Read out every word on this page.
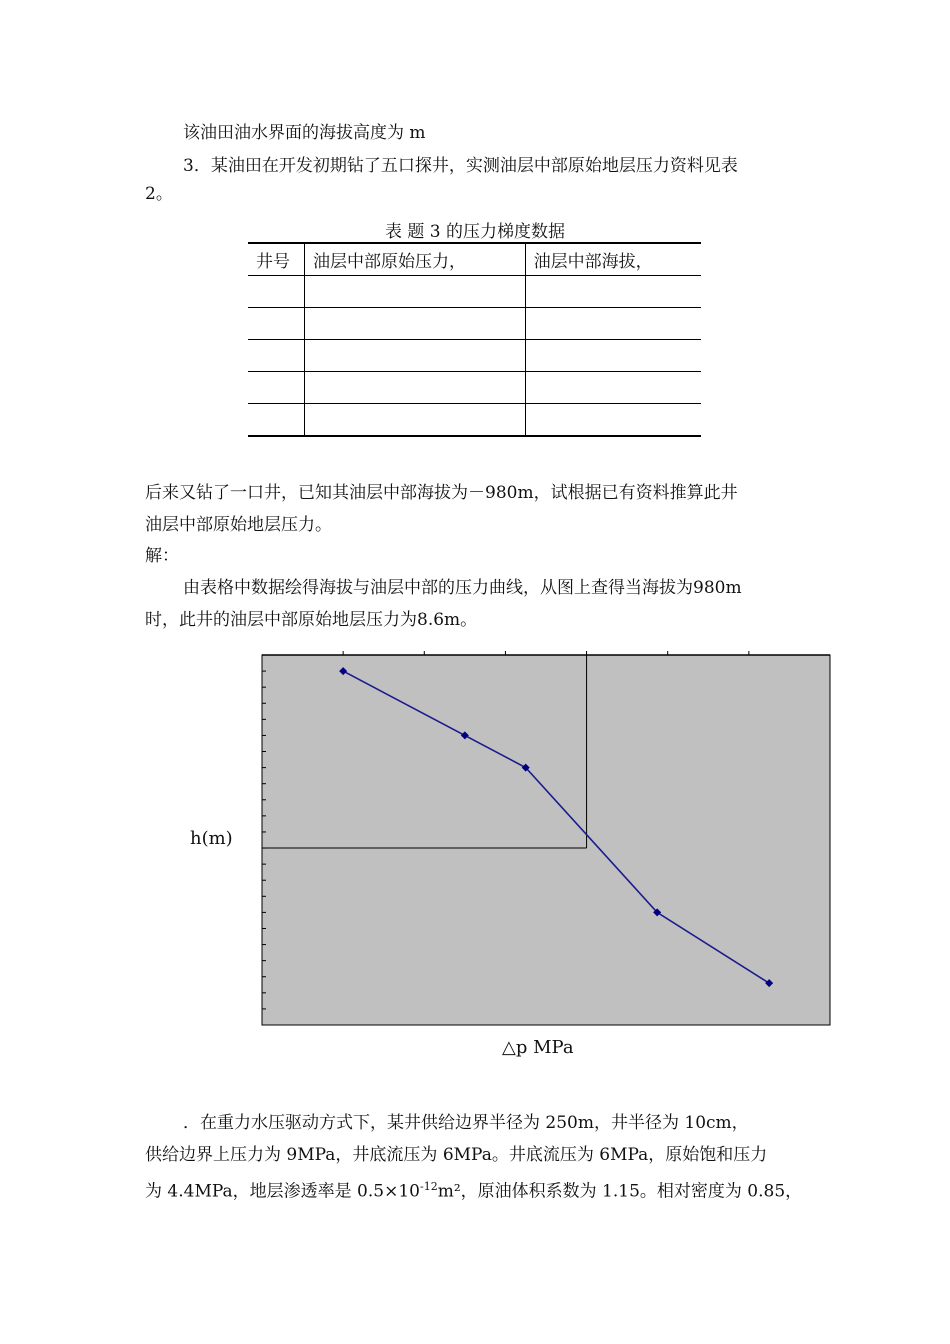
该油田油水界面的海拔高度为 m
3．某油田在开发初期钻了五口探井，实测油层中部原始地层压力资料见表
2。
表 题 3 的压力梯度数据
井号	油层中部原始压力，	油层中部海拔，

后来又钻了一口井，已知其油层中部海拔为－980m，试根据已有资料推算此井
油层中部原始地层压力。
解：
由表格中数据绘得海拔与油层中部的压力曲线，从图上查得当海拔为980m
时，此井的油层中部原始地层压力为8.6m。
h(m)
△p MPa
．在重力水压驱动方式下，某井供给边界半径为 250m，井半径为 10cm，
供给边界上压力为 9MPa，井底流压为 6MPa。井底流压为 6MPa，原始饱和压力
为 4.4MPa，地层渗透率是 $0.5\times 10^{-12}m^2$，原油体积系数为 1.15。相对密度为 0.85，
